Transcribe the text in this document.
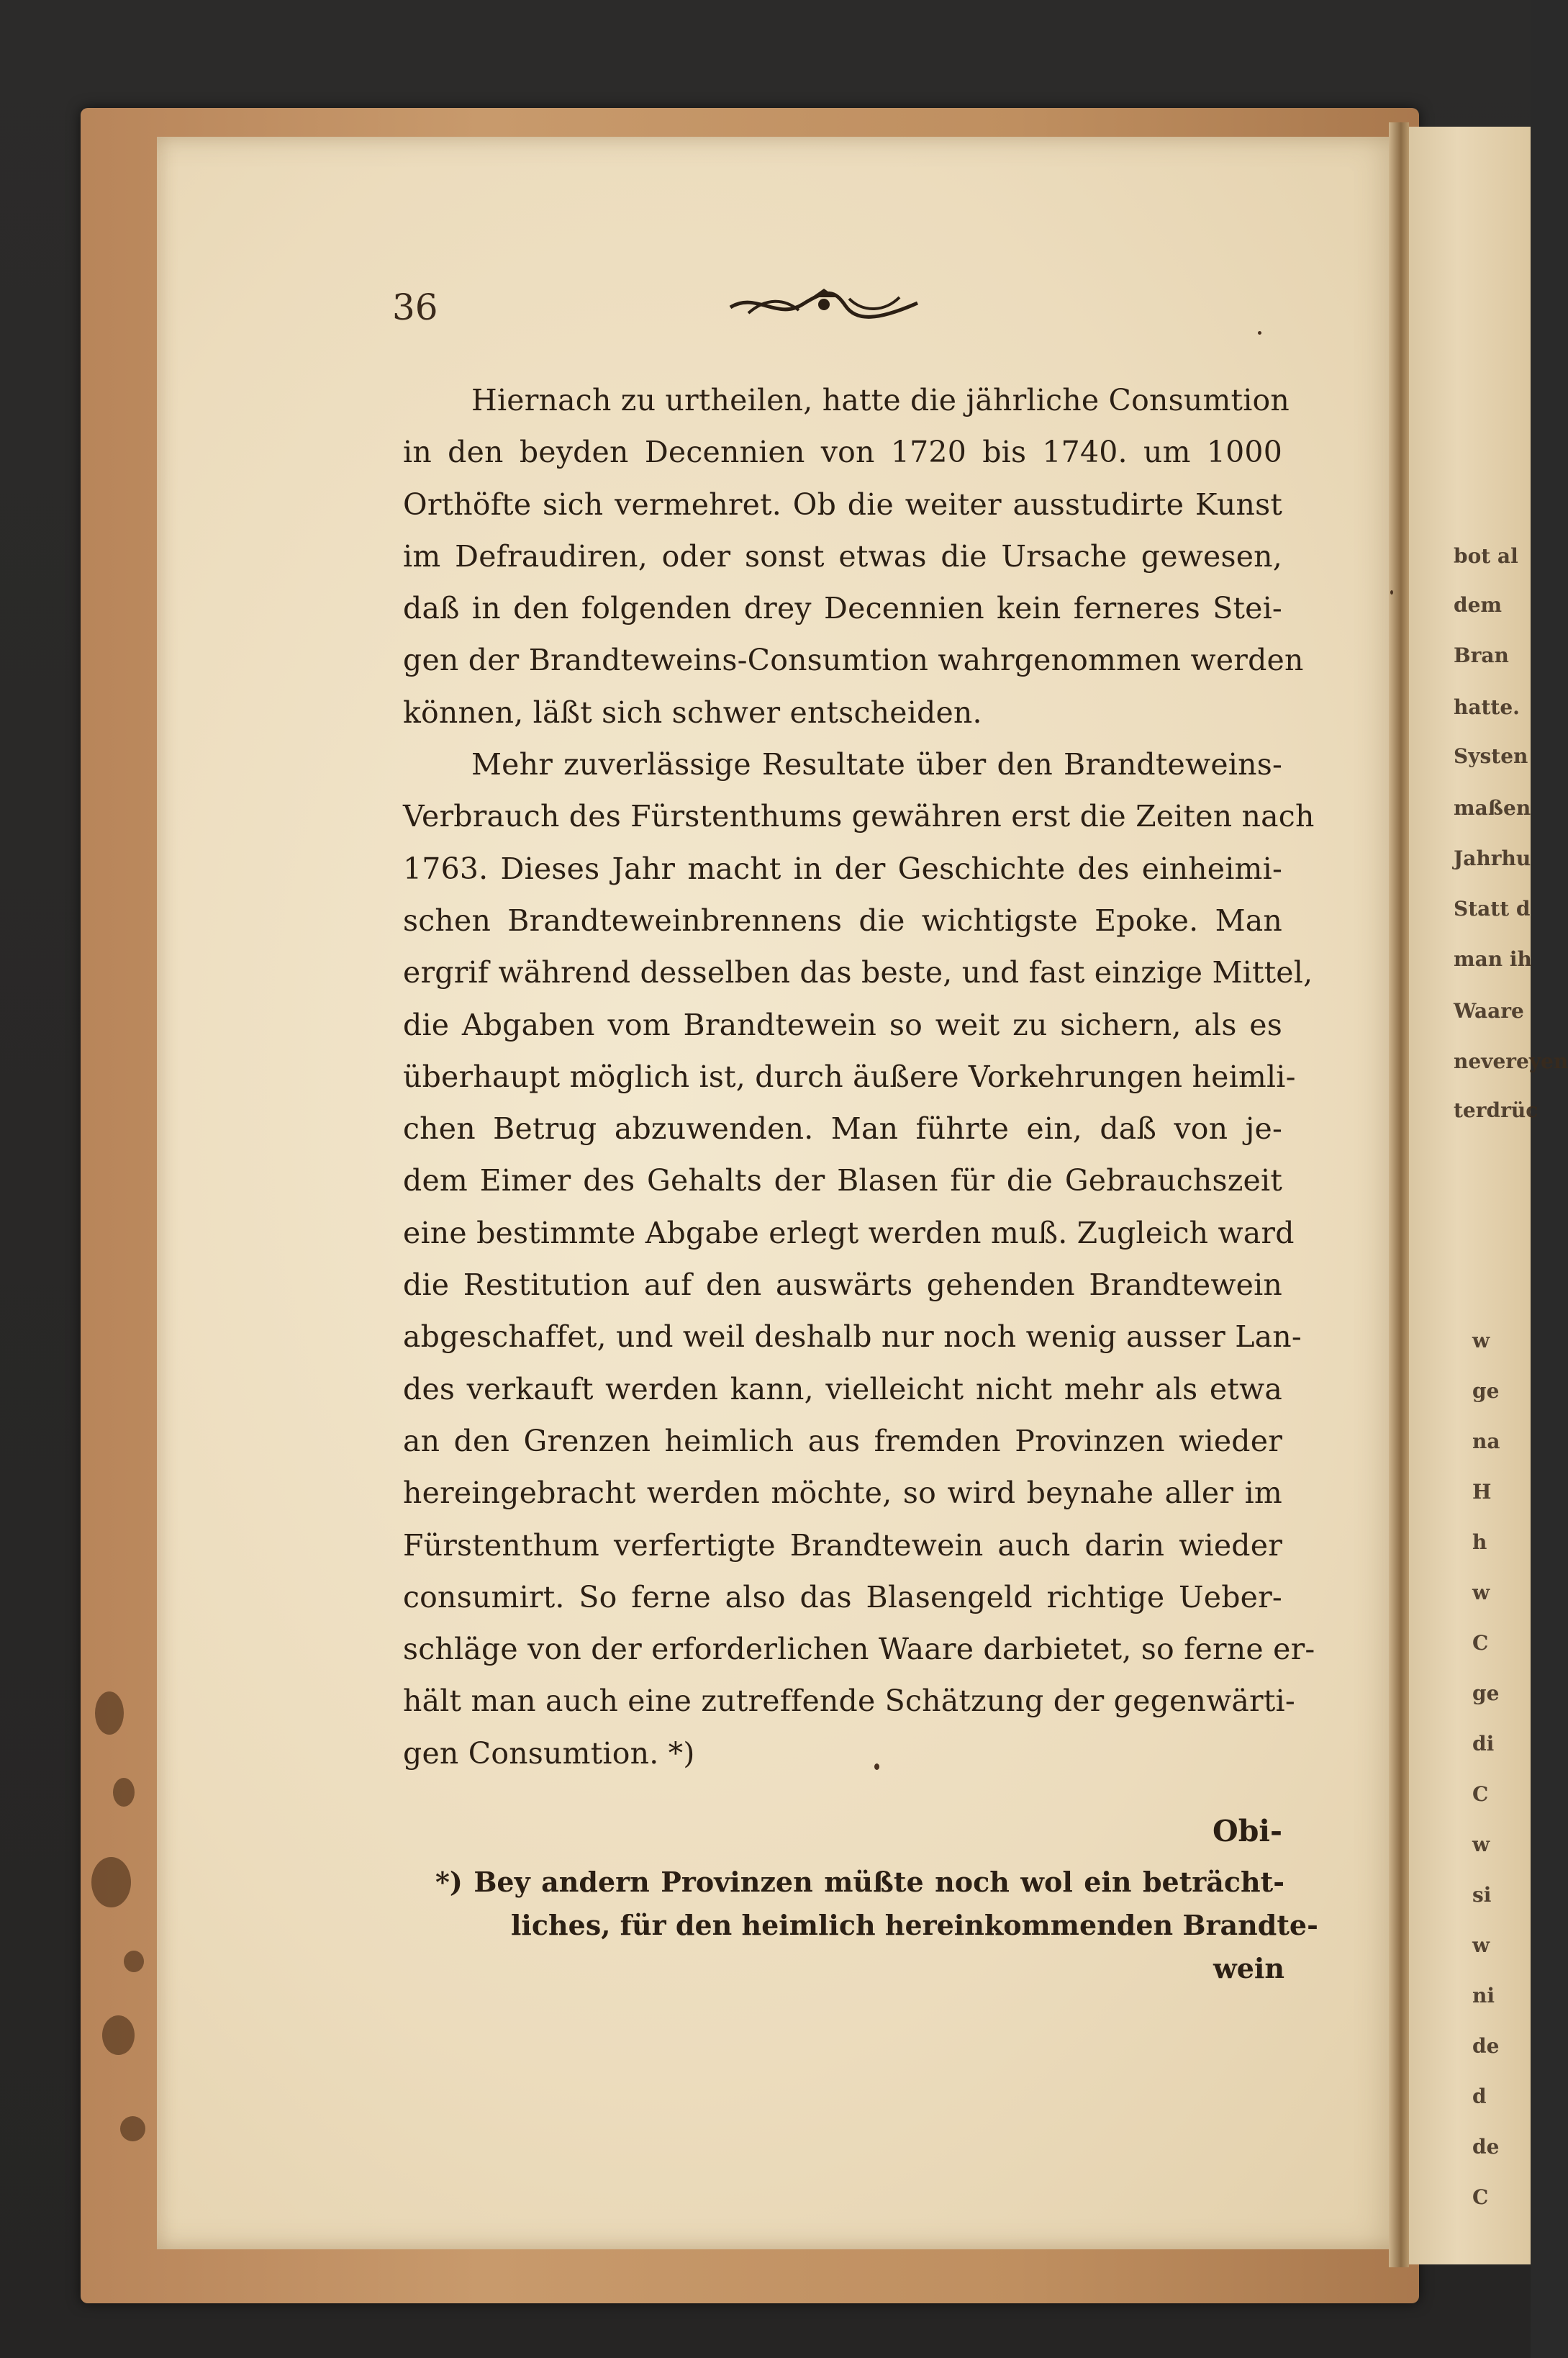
bot al
dem
Bran
hatte.
Systen
maßen
Jahrhu
Statt d
man ih
Waare
nevereyen
terdrüc
w
ge
na
H
h
w
C
ge
di
C
w
si
w
ni
de
d
de
C
36
Hiernach zu urtheilen, hatte die jährliche Consumtion
in den beyden Decennien von 1720 bis 1740. um 1000
Orthöfte sich vermehret. Ob die weiter ausstudirte Kunst
im Defraudiren, oder sonst etwas die Ursache gewesen,
daß in den folgenden drey Decennien kein ferneres Stei-
gen der Brandteweins-Consumtion wahrgenommen werden
können, läßt sich schwer entscheiden.
Mehr zuverlässige Resultate über den Brandteweins-
Verbrauch des Fürstenthums gewähren erst die Zeiten nach
1763. Dieses Jahr macht in der Geschichte des einheimi-
schen Brandteweinbrennens die wichtigste Epoke. Man
ergrif während desselben das beste, und fast einzige Mittel,
die Abgaben vom Brandtewein so weit zu sichern, als es
überhaupt möglich ist, durch äußere Vorkehrungen heimli-
chen Betrug abzuwenden. Man führte ein, daß von je-
dem Eimer des Gehalts der Blasen für die Gebrauchszeit
eine bestimmte Abgabe erlegt werden muß. Zugleich ward
die Restitution auf den auswärts gehenden Brandtewein
abgeschaffet, und weil deshalb nur noch wenig ausser Lan-
des verkauft werden kann, vielleicht nicht mehr als etwa
an den Grenzen heimlich aus fremden Provinzen wieder
hereingebracht werden möchte, so wird beynahe aller im
Fürstenthum verfertigte Brandtewein auch darin wieder
consumirt. So ferne also das Blasengeld richtige Ueber-
schläge von der erforderlichen Waare darbietet, so ferne er-
hält man auch eine zutreffende Schätzung der gegenwärti-
gen Consumtion. *)
Obi-
*) Bey andern Provinzen müßte noch wol ein beträcht-
liches, für den heimlich hereinkommenden Brandte-
wein
